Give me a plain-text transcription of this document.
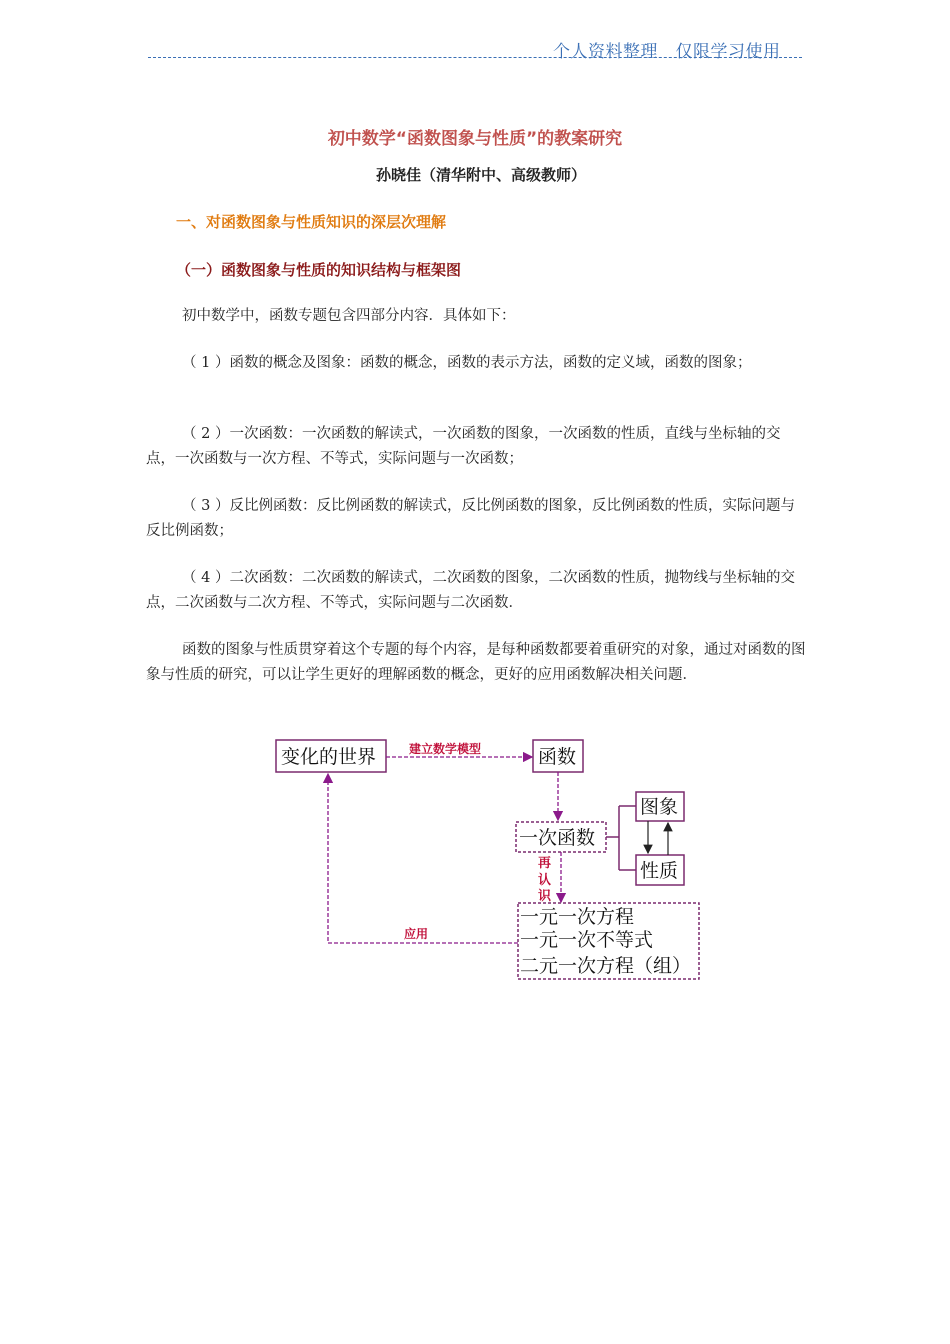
个人资料整理　仅限学习使用
初中数学“函数图象与性质”的教案研究
孙晓佳（清华附中、高级教师）
一、对函数图象与性质知识的深层次理解
（一）函数图象与性质的知识结构与框架图

初中数学中，函数专题包含四部分内容．具体如下：

（ 1 ）函数的概念及图象：函数的概念，函数的表示方法，函数的定义域，函数的图象；

（ 2 ）一次函数：一次函数的解读式，一次函数的图象，一次函数的性质，直线与坐标轴的交点，一次函数与一次方程、不等式，实际问题与一次函数；

（ 3 ）反比例函数：反比例函数的解读式，反比例函数的图象，反比例函数的性质，实际问题与反比例函数；

（ 4 ）二次函数：二次函数的解读式，二次函数的图象，二次函数的性质，抛物线与坐标轴的交点，二次函数与二次方程、不等式，实际问题与二次函数．

函数的图象与性质贯穿着这个专题的每个内容，是每种函数都要着重研究的对象，通过对函数的图象与性质的研究，可以让学生更好的理解函数的概念，更好的应用函数解决相关问题．

变化的世界	建立数学模型	函数
一次函数
图象
性质
再
认
识
一元一次方程
一元一次不等式
二元一次方程（组）
应用
